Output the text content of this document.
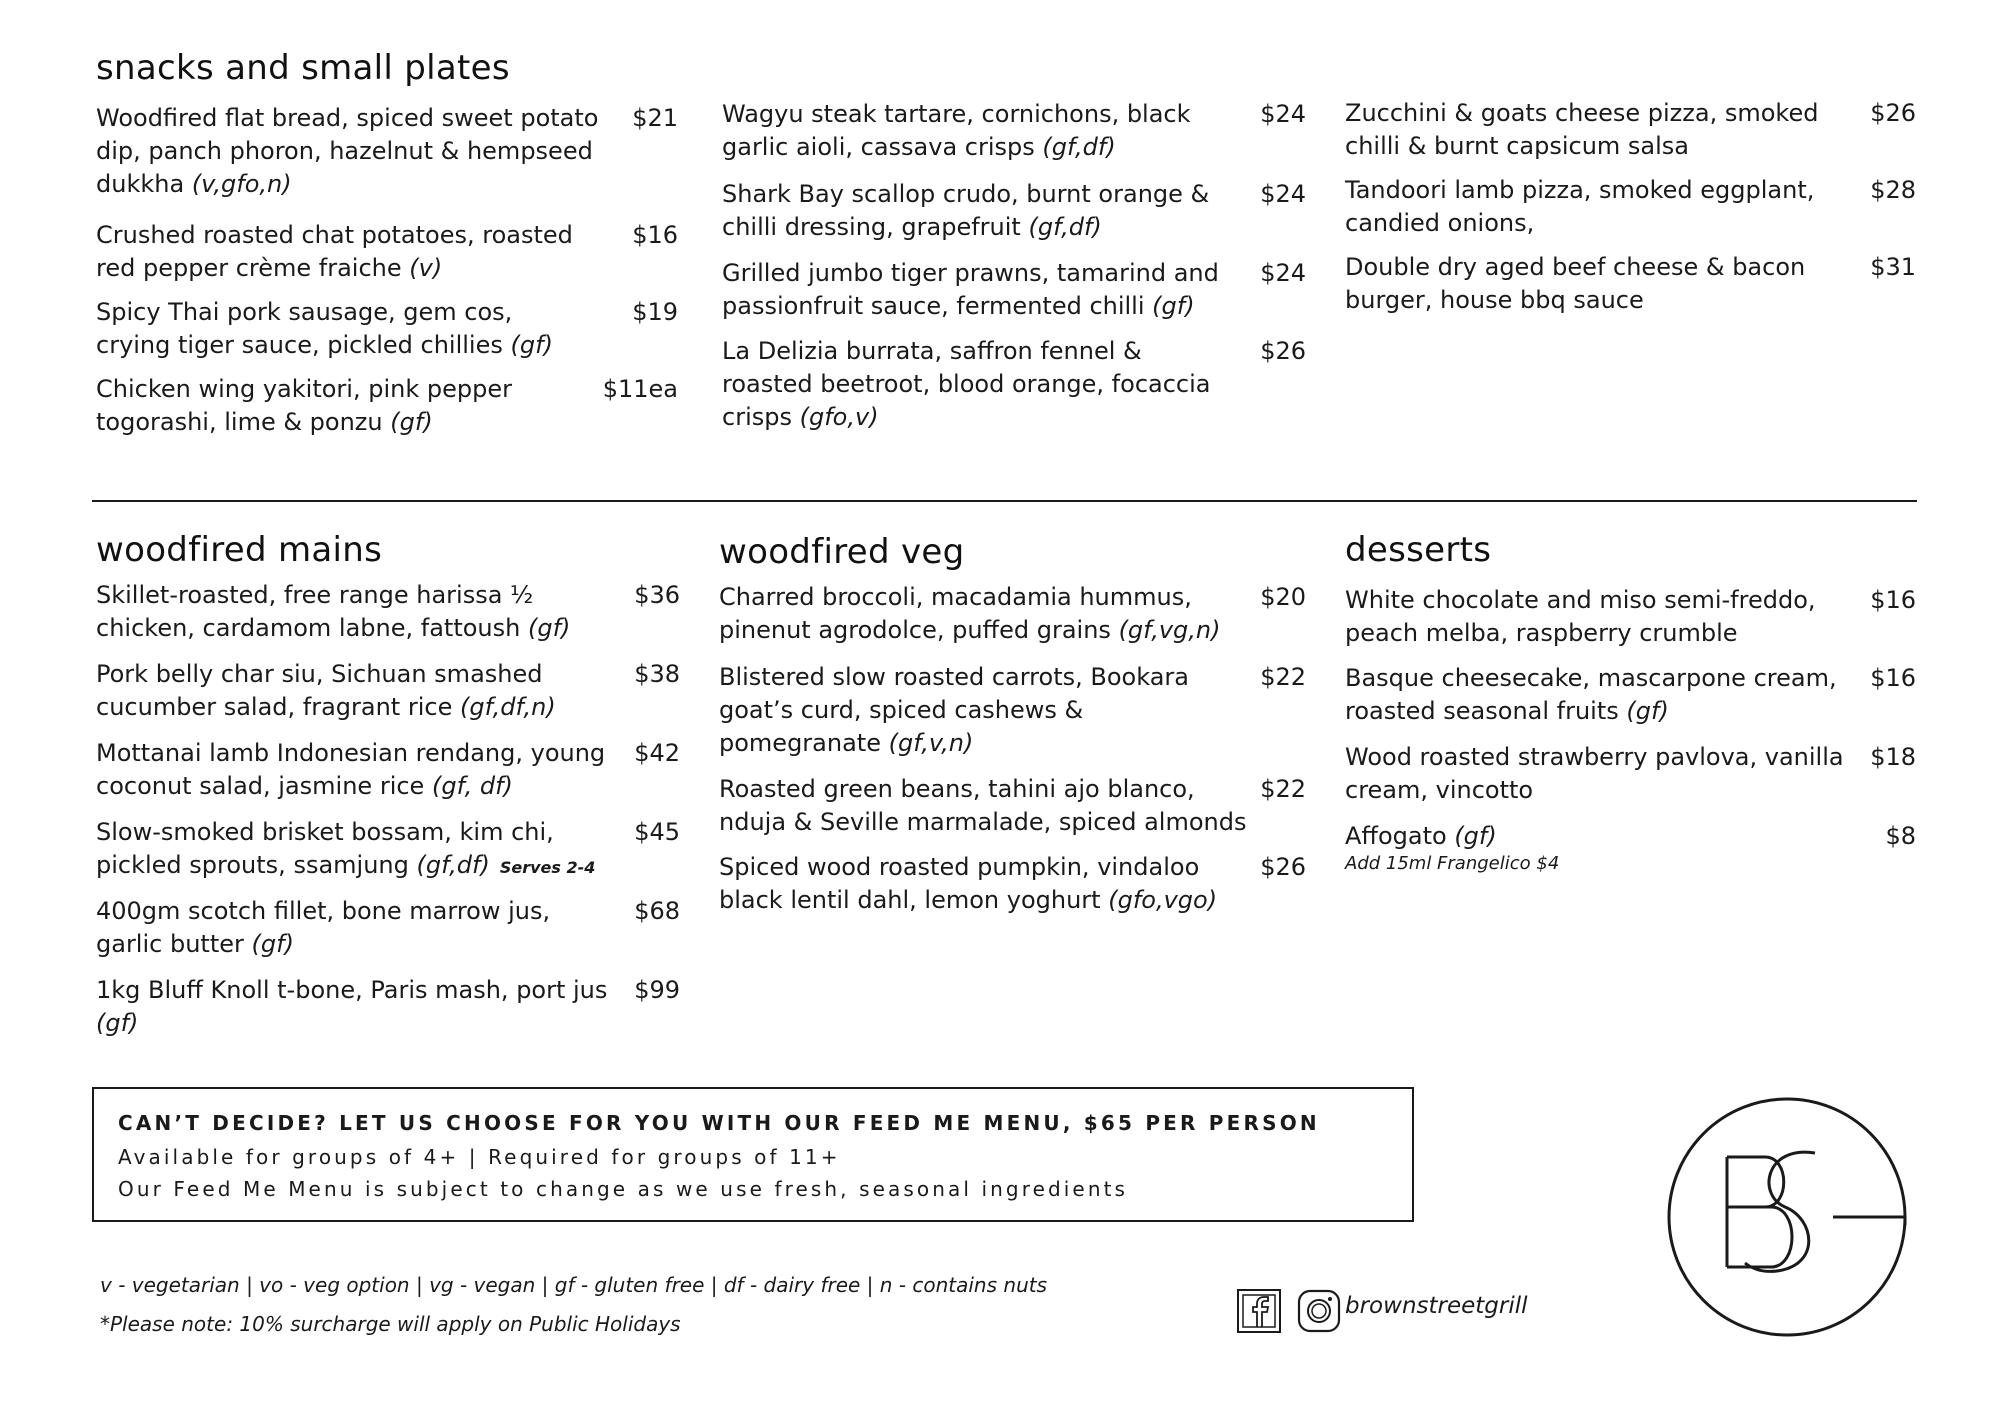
snacks and small plates
woodfired mains	woodfired veg	desserts
Woodfired flat bread, spiced sweet potato dip, panch phoron, hazelnut & hempseed dukkha (v,gfo,n)
$21
Crushed roasted chat potatoes, roasted red pepper crème fraiche (v)
$16
Spicy Thai pork sausage, gem cos, crying tiger sauce, pickled chillies (gf)
$19
Chicken wing yakitori, pink pepper togorashi, lime & ponzu (gf)
$11ea
Wagyu steak tartare, cornichons, black garlic aioli, cassava crisps (gf,df)
$24
Shark Bay scallop crudo, burnt orange & chilli dressing, grapefruit (gf,df)
$24
Grilled jumbo tiger prawns, tamarind and passionfruit sauce, fermented chilli (gf)
$24
La Delizia burrata, saffron fennel & roasted beetroot, blood orange, focaccia crisps (gfo,v)
$26
Zucchini & goats cheese pizza, smoked chilli & burnt capsicum salsa
$26
Tandoori lamb pizza, smoked eggplant, candied onions,
$28
Double dry aged beef cheese & bacon burger, house bbq sauce
$31
Skillet-roasted, free range harissa ½ chicken, cardamom labne, fattoush (gf)
$36
Pork belly char siu, Sichuan smashed cucumber salad, fragrant rice (gf,df,n)
$38
Mottanai lamb Indonesian rendang, young coconut salad, jasmine rice (gf, df)
$42
Slow-smoked brisket bossam, kim chi, pickled sprouts, ssamjung (gf,df) Serves 2-4
$45
400gm scotch fillet, bone marrow jus, garlic butter (gf)
$68
1kg Bluff Knoll t-bone, Paris mash, port jus (gf)
$99
Charred broccoli, macadamia hummus, pinenut agrodolce, puffed grains (gf,vg,n)
$20
Blistered slow roasted carrots, Bookara goat’s curd, spiced cashews & pomegranate (gf,v,n)
$22
Roasted green beans, tahini ajo blanco, nduja & Seville marmalade, spiced almonds
$22
Spiced wood roasted pumpkin, vindaloo black lentil dahl, lemon yoghurt (gfo,vgo)
$26
White chocolate and miso semi-freddo, peach melba, raspberry crumble
$16
Basque cheesecake, mascarpone cream, roasted seasonal fruits (gf)
$16
Wood roasted strawberry pavlova, vanilla cream, vincotto
$18
Affogato (gf)
Add 15ml Frangelico $4
$8
CAN’T DECIDE? LET US CHOOSE FOR YOU WITH OUR FEED ME MENU, $65 PER PERSON
Available for groups of 4+ | Required for groups of 11+
Our Feed Me Menu is subject to change as we use fresh, seasonal ingredients
v - vegetarian | vo - veg option | vg - vegan | gf - gluten free | df - dairy free | n - contains nuts
*Please note: 10% surcharge will apply on Public Holidays
brownstreetgrill
